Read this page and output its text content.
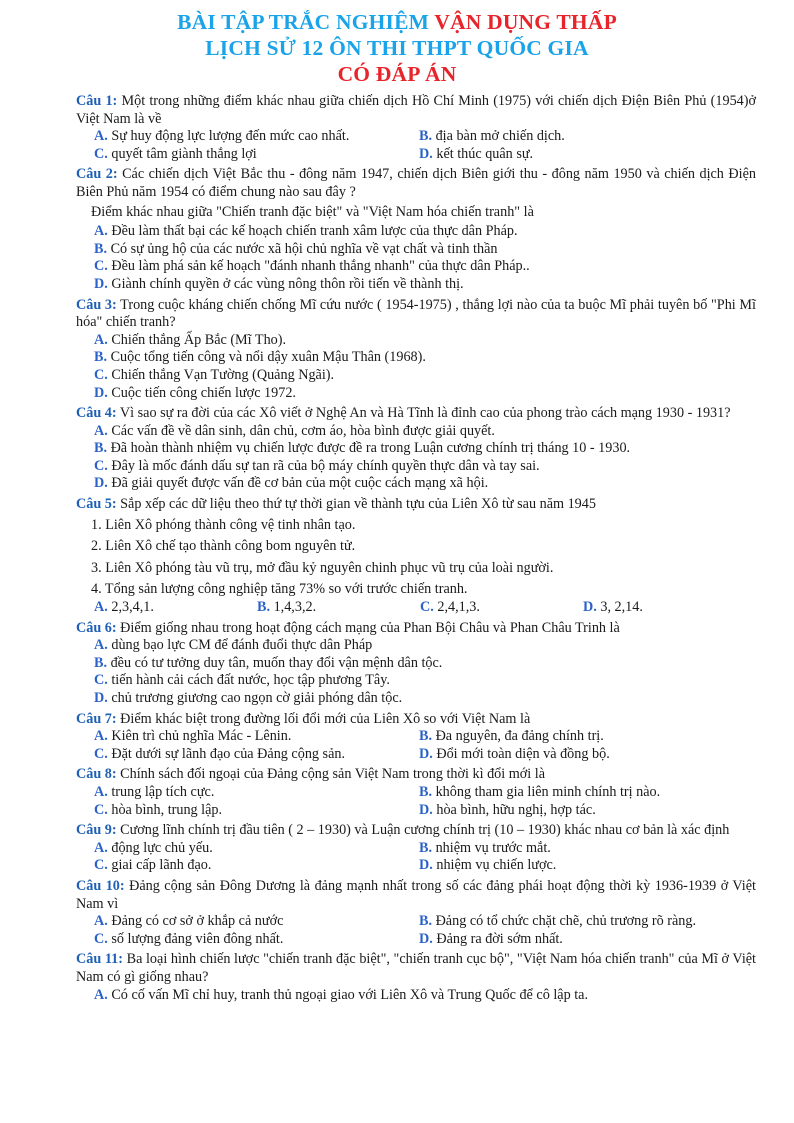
BÀI TẬP TRẮC NGHIỆM VẬN DỤNG THẤP
LỊCH SỬ 12 ÔN THI THPT QUỐC GIA
CÓ ĐÁP ÁN

Câu 1: Một trong những điểm khác nhau giữa chiến dịch Hồ Chí Minh (1975) với chiến dịch Điện Biên Phủ (1954)ở Việt Nam là về

A. Sự huy động lực lượng đến mức cao nhất.	B. địa bàn mở chiến dịch.
C. quyết tâm giành thắng lợi	D. kết thúc quân sự.

Câu 2: Các chiến dịch Việt Bắc thu - đông năm 1947, chiến dịch Biên giới thu - đông năm 1950 và chiến dịch Điện Biên Phủ năm 1954 có điểm chung nào sau đây ?

Điểm khác nhau giữa "Chiến tranh đặc biệt" và "Việt Nam hóa chiến tranh" là

A. Đều làm thất bại các kế hoạch chiến tranh xâm lược của thực dân Pháp.

B. Có sự ủng hộ của các nước xã hội chủ nghĩa về vạt chất và tinh thần

C. Đều làm phá sản kế hoạch "đánh nhanh thắng nhanh" của thực dân Pháp..

D. Giành chính quyền ở các vùng nông thôn rồi tiến về thành thị.

Câu 3: Trong cuộc kháng chiến chống Mĩ cứu nước ( 1954-1975) , thắng lợi nào của ta buộc Mĩ phải tuyên bố "Phi Mĩ hóa" chiến tranh?

A. Chiến thắng Ấp Bắc (Mĩ Tho).

B. Cuộc tổng tiến công và nổi dậy xuân Mậu Thân (1968).

C. Chiến thắng Vạn Tường (Quảng Ngãi).

D. Cuộc tiến công chiến lược 1972.

Câu 4: Vì sao sự ra đời của các Xô viết ở Nghệ An và Hà Tĩnh là đỉnh cao của phong trào cách mạng 1930 - 1931?

A. Các vấn đề về dân sinh, dân chủ, cơm áo, hòa bình được giải quyết.

B. Đã hoàn thành nhiệm vụ chiến lược được đề ra trong Luận cương chính trị tháng 10 - 1930.

C. Đây là mốc đánh dấu sự tan rã của bộ máy chính quyền thực dân và tay sai.

D. Đã giải quyết được vấn đề cơ bản của một cuộc cách mạng xã hội.

Câu 5: Sắp xếp các dữ liệu theo thứ tự thời gian về thành tựu của Liên Xô từ sau năm 1945

1. Liên Xô phóng thành công vệ tinh nhân tạo.

2. Liên Xô chế tạo thành công bom nguyên tử.

3. Liên Xô phóng tàu vũ trụ, mở đầu kỷ nguyên chinh phục vũ trụ của loài người.

4. Tổng sản lượng công nghiệp tăng 73% so với trước chiến tranh.

A. 2,3,4,1.	B. 1,4,3,2.	C. 2,4,1,3.	D. 3, 2,14.

Câu 6: Điểm giống nhau trong hoạt động cách mạng của Phan Bội Châu và Phan Châu Trinh là

A. dùng bạo lực CM để đánh đuổi thực dân Pháp

B. đều có tư tưởng duy tân, muốn thay đổi vận mệnh dân tộc.

C. tiến hành cải cách đất nước, học tập phương Tây.

D. chủ trương giương cao ngọn cờ giải phóng dân tộc.

Câu 7: Điểm khác biệt trong đường lối đổi mới của Liên Xô so với Việt Nam là

A. Kiên trì chủ nghĩa Mác - Lênin.	B. Đa nguyên, đa đảng chính trị.
C. Đặt dưới sự lãnh đạo của Đảng cộng sản.	D. Đổi mới toàn diện và đồng bộ.

Câu 8: Chính sách đối ngoại của Đảng cộng sản Việt Nam trong thời kì đổi mới là

A. trung lập tích cực.	B. không tham gia liên minh chính trị nào.
C. hòa bình, trung lập.	D. hòa bình, hữu nghị, hợp tác.

Câu 9: Cương lĩnh chính trị đầu tiên ( 2 – 1930) và Luận cương chính trị (10 – 1930) khác nhau cơ bản là xác định

A. động lực chủ yếu.	B. nhiệm vụ trước mắt.
C. giai cấp lãnh đạo.	D. nhiệm vụ chiến lược.

Câu 10: Đảng cộng sản Đông Dương là đảng mạnh nhất trong số các đảng phái hoạt động thời kỳ 1936-1939 ở Việt Nam vì

A. Đảng có cơ sở ở khắp cả nước	B. Đảng có tổ chức chặt chẽ, chủ trương rõ ràng.
C. số lượng đảng viên đông nhất.	D. Đảng ra đời sớm nhất.

Câu 11: Ba loại hình chiến lược "chiến tranh đặc biệt", "chiến tranh cục bộ", "Việt Nam hóa chiến tranh" của Mĩ ở Việt Nam có gì giống nhau?

A. Có cố vấn Mĩ chỉ huy, tranh thủ ngoại giao với Liên Xô và Trung Quốc để cô lập ta.
